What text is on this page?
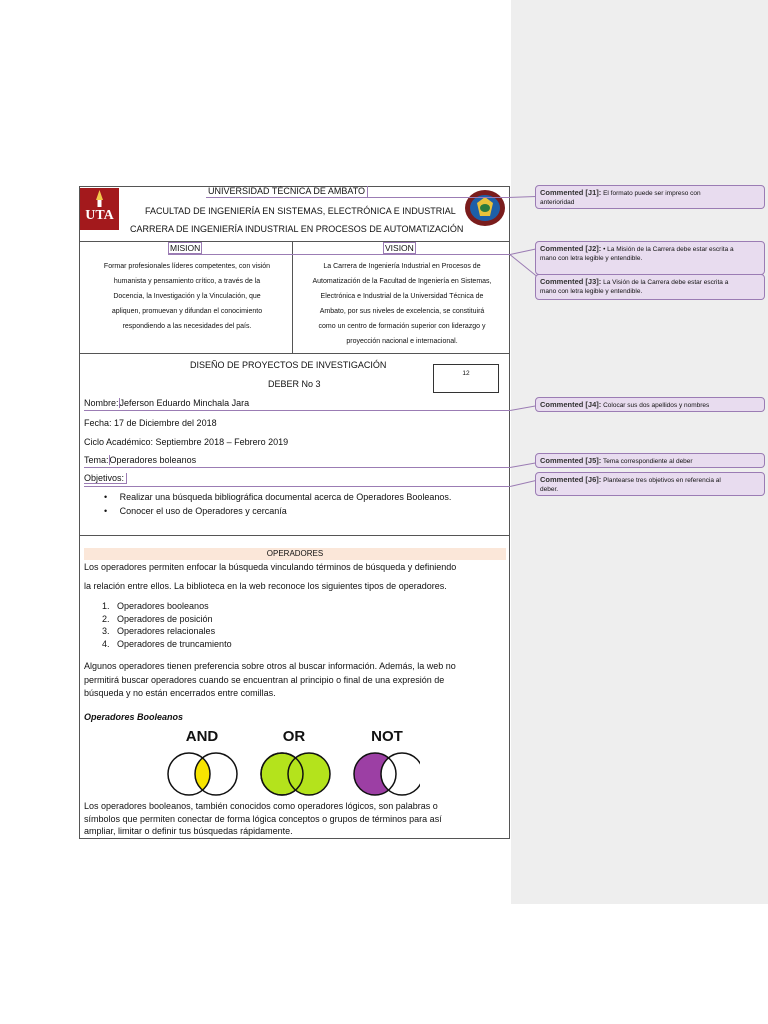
UTA
UNIVERSIDAD TÉCNICA DE AMBATO
FACULTAD DE INGENIERÍA EN SISTEMAS, ELECTRÓNICA E INDUSTRIAL
CARRERA DE INGENIERÍA INDUSTRIAL EN PROCESOS DE AUTOMATIZACIÓN
MISION	VISION
Formar profesionales líderes competentes, con visión
humanista y pensamiento crítico, a través de la
Docencia, la Investigación y la Vinculación, que
apliquen, promuevan y difundan el conocimiento
respondiendo a las necesidades del país.
La Carrera de Ingeniería Industrial en Procesos de
Automatización de la Facultad de Ingeniería en Sistemas,
Electrónica e Industrial de la Universidad Técnica de
Ambato, por sus niveles de excelencia, se constituirá
como un centro de formación superior con liderazgo y
proyección nacional e internacional.
DISEÑO DE PROYECTOS DE INVESTIGACIÓN
DEBER No 3
12
Nombre:Jeferson Eduardo Minchala Jara
Fecha: 17 de Diciembre del 2018
Ciclo Académico: Septiembre 2018 – Febrero 2019
Tema:Operadores boleanos
Objetivos:
•     Realizar una búsqueda bibliográfica documental acerca de Operadores Booleanos.
•     Conocer el uso de Operadores y cercanía
OPERADORES
Los operadores permiten enfocar la búsqueda vinculando términos de búsqueda y definiendo
la relación entre ellos. La biblioteca en la web reconoce los siguientes tipos de operadores.
1.   Operadores booleanos
2.   Operadores de posición
3.   Operadores relacionales
4.   Operadores de truncamiento
Algunos operadores tienen preferencia sobre otros al buscar información. Además, la web no
permitirá buscar operadores cuando se encuentran al principio o final de una expresión de
búsqueda y no están encerrados entre comillas.
Operadores Booleanos
AND	OR	NOT
Los operadores booleanos, también conocidos como operadores lógicos, son palabras o
símbolos que permiten conectar de forma lógica conceptos o grupos de términos para así
ampliar, limitar o definir tus búsquedas rápidamente.
Commented [J1]: El formato puede ser impreso con
anterioridad
Commented [J2]: • La Misión de la Carrera debe estar escrita a
mano con letra legible y entendible.
Commented [J3]: La Visión de la Carrera debe estar escrita a
mano con letra legible y entendible.
Commented [J4]: Colocar sus dos apellidos y nombres
Commented [J5]: Tema correspondiente al deber
Commented [J6]: Plantearse tres objetivos en referencia al
deber.
